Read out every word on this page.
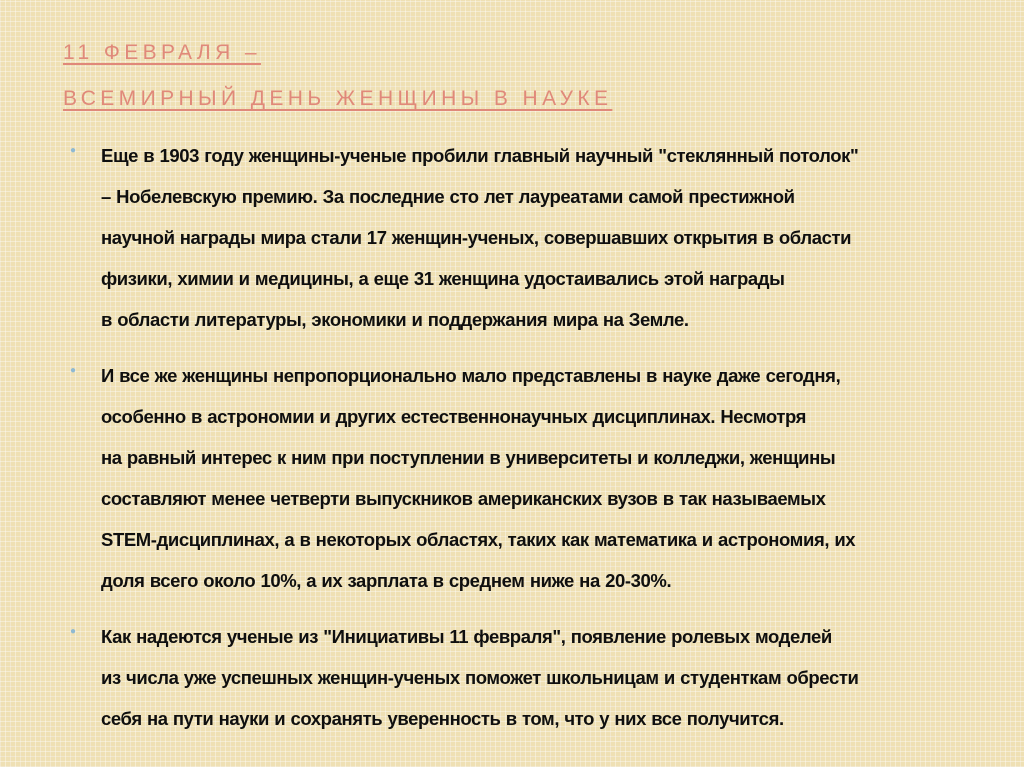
11 ФЕВРАЛЯ –
ВСЕМИРНЫЙ ДЕНЬ ЖЕНЩИНЫ В НАУКЕ
● Еще в 1903 году женщины-ученые пробили главный научный "стеклянный потолок"
– Нобелевскую премию. За последние сто лет лауреатами самой престижной
научной награды мира стали 17 женщин-ученых, совершавших открытия в области
физики, химии и медицины, а еще 31 женщина удостаивались этой награды
в области литературы, экономики и поддержания мира на Земле.
● И все же женщины непропорционально мало представлены в науке даже сегодня,
особенно в астрономии и других естественнонаучных дисциплинах. Несмотря
на равный интерес к ним при поступлении в университеты и колледжи, женщины
составляют менее четверти выпускников американских вузов в так называемых
STEM-дисциплинах, а в некоторых областях, таких как математика и астрономия, их
доля всего около 10%, а их зарплата в среднем ниже на 20-30%.
● Как надеются ученые из "Инициативы 11 февраля", появление ролевых моделей
из числа уже успешных женщин-ученых поможет школьницам и студенткам обрести
себя на пути науки и сохранять уверенность в том, что у них все получится.
